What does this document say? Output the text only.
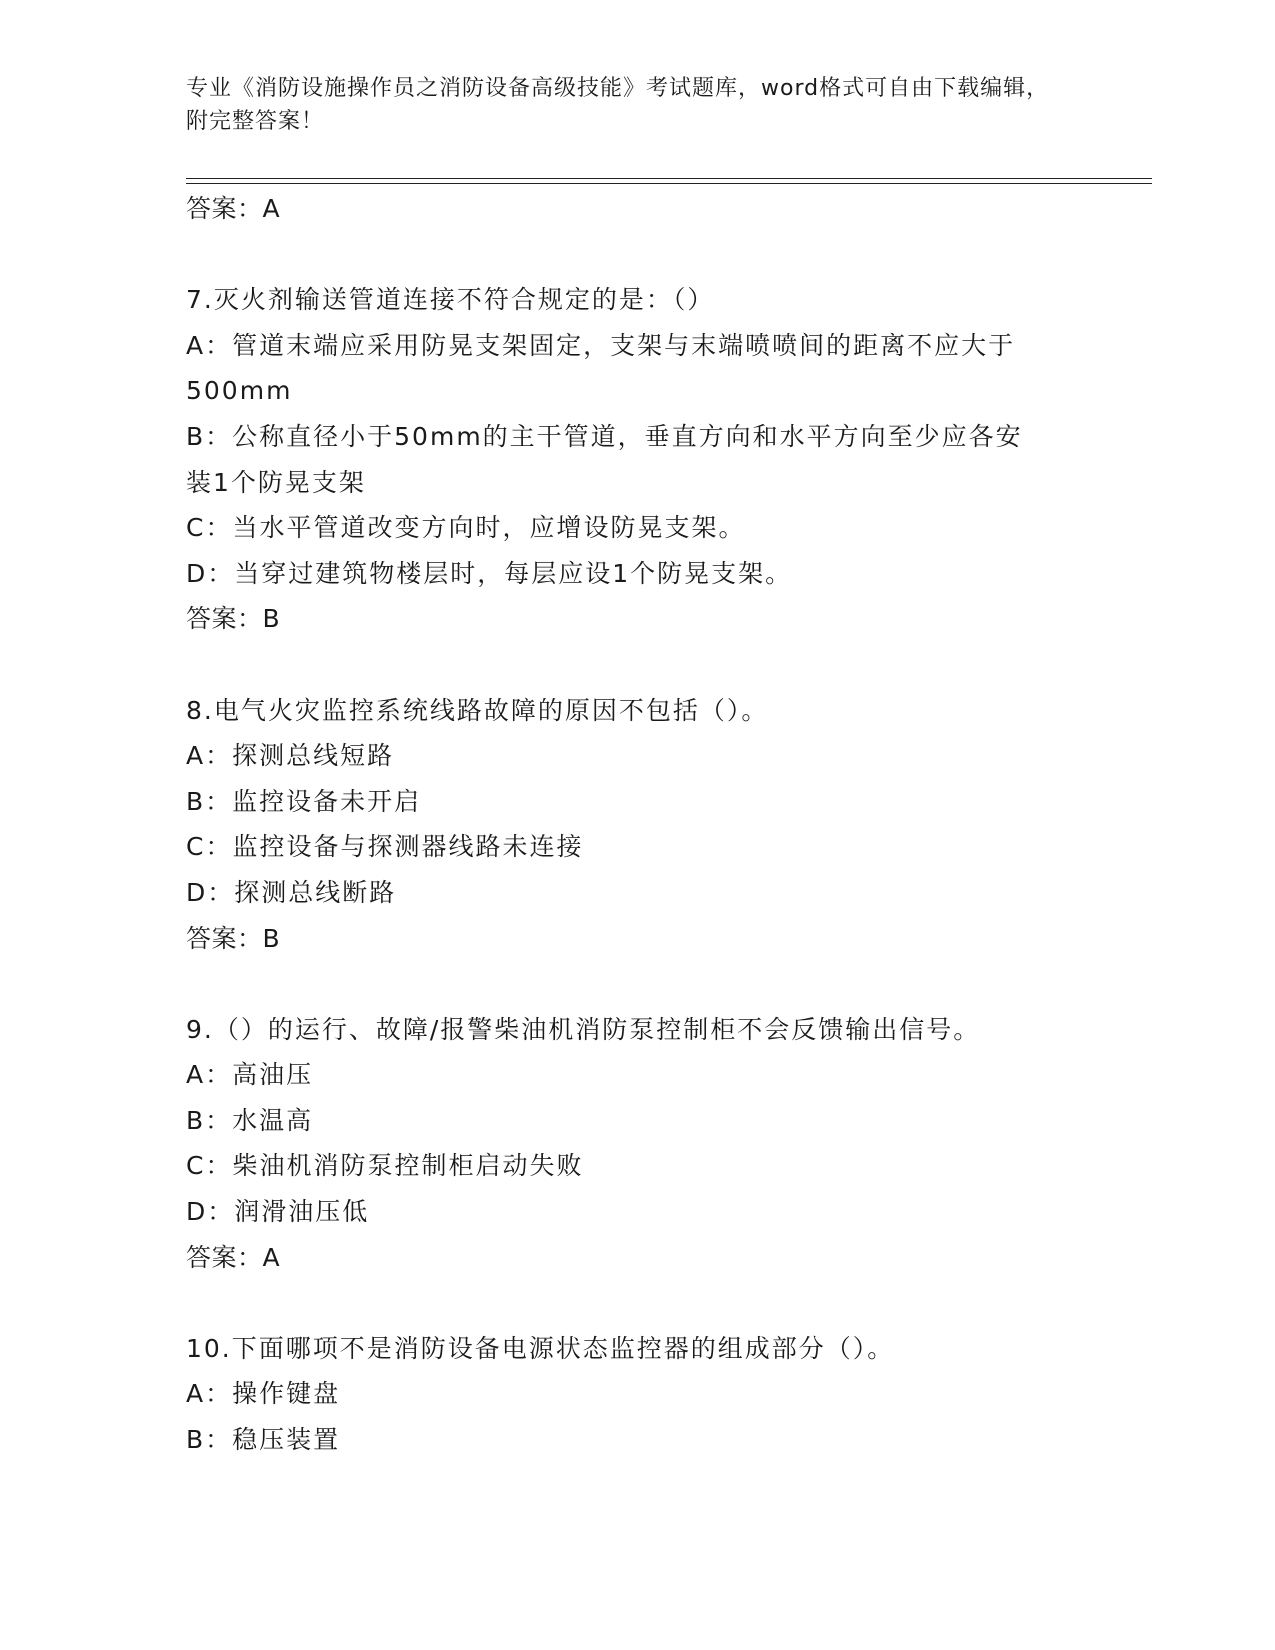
专业《消防设施操作员之消防设备高级技能》考试题库，word格式可自由下载编辑，附完整答案！
答案：A
7.灭火剂输送管道连接不符合规定的是：（）
A：管道末端应采用防晃支架固定，支架与末端喷喷间的距离不应大于
500mm
B：公称直径小于50mm的主干管道，垂直方向和水平方向至少应各安
装1个防晃支架
C：当水平管道改变方向时，应增设防晃支架。
D：当穿过建筑物楼层时，每层应设1个防晃支架。
答案：B
8.电气火灾监控系统线路故障的原因不包括（）。
A：探测总线短路
B：监控设备未开启
C：监控设备与探测器线路未连接
D：探测总线断路
答案：B
9.（）的运行、故障/报警柴油机消防泵控制柜不会反馈输出信号。
A：高油压
B：水温高
C：柴油机消防泵控制柜启动失败
D：润滑油压低
答案：A
10.下面哪项不是消防设备电源状态监控器的组成部分（）。
A：操作键盘
B：稳压装置
